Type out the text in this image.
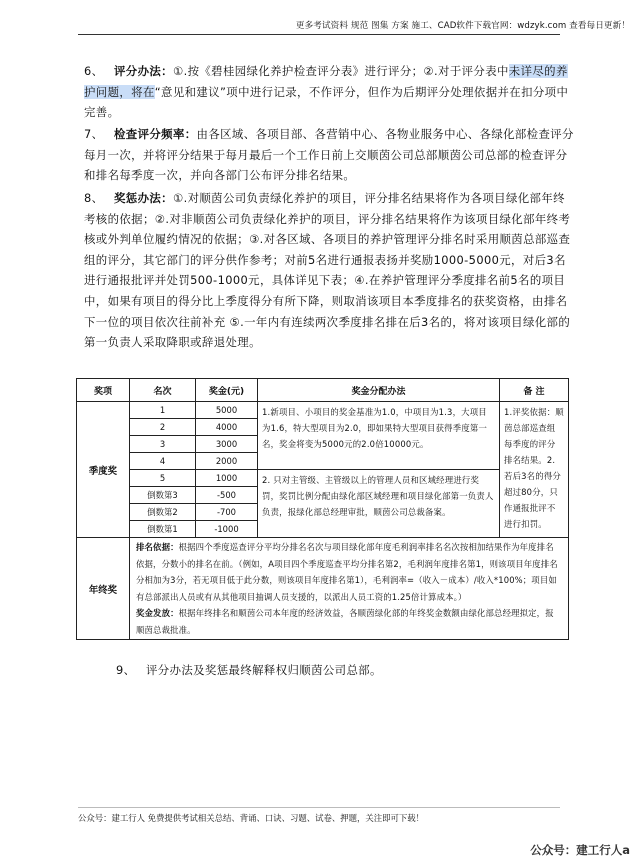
更多考试资料 规范 图集 方案 施工、CAD软件下载官网：wdzyk.com 查看每日更新！

6、 评分办法：①.按《碧桂园绿化养护检查评分表》进行评分；②.对于评分表中未详尽的养护问题，将在“意见和建议”项中进行记录，不作评分，但作为后期评分处理依据并在扣分项中完善。

7、 检查评分频率：由各区域、各项目部、各营销中心、各物业服务中心、各绿化部检查评分每月一次，并将评分结果于每月最后一个工作日前上交顺茵公司总部顺茵公司总部的检查评分和排名每季度一次，并向各部门公布评分排名结果。

8、 奖惩办法：①.对顺茵公司负责绿化养护的项目，评分排名结果将作为各项目绿化部年终考核的依据；②.对非顺茵公司负责绿化养护的项目，评分排名结果将作为该项目绿化部年终考核或外判单位履约情况的依据；③.对各区域、各项目的养护管理评分排名时采用顺茵总部巡查组的评分，其它部门的评分供作参考；对前5名进行通报表扬并奖励1000-5000元，对后3名进行通报批评并处罚500-1000元，具体详见下表；④.在养护管理评分季度排名前5名的项目中，如果有项目的得分比上季度得分有所下降，则取消该项目本季度排名的获奖资格，由排名下一位的项目依次往前补充 ⑤.一年内有连续两次季度排名排在后3名的，将对该项目绿化部的第一负责人采取降职或辞退处理。

奖项	名次	奖金(元)	奖金分配办法	备 注
季度奖	1	5000	1.新项目、小项目的奖金基准为1.0，中项目为1.3，大项目为1.6，特大型项目为2.0，即如果特大型项目获得季度第一名，奖金将变为5000元的2.0倍10000元。	1.评奖依据：顺茵总部巡查组每季度的评分排名结果。2. 若后3名的得分超过80分，只作通报批评不进行扣罚。
	2	4000		
	3	3000		
	4	2000		
	5	1000	2. 只对主管级、主管级以上的管理人员和区域经理进行奖罚，奖罚比例分配由绿化部区域经理和项目绿化部第一负责人负责，报绿化部总经理审批，顺茵公司总裁备案。	
	倒数第3	-500		
	倒数第2	-700		
	倒数第1	-1000		
年终奖	排名依据：根据四个季度巡查评分平均分排名名次与项目绿化部年度毛利润率排名名次按相加结果作为年度排名依据，分数小的排名在前。（例如，A项目四个季度巡查平均分排名第2，毛利润年度排名第1，则该项目年度排名分相加为3分，若无项目低于此分数，则该项目年度排名第1），毛利润率=（收入－成本）/收入*100%；项目如有总部派出人员或有从其他项目抽调人员支援的，以派出人员工资的1.25倍计算成本。）
奖金发放：根据年终排名和顺茵公司本年度的经济效益，各顺茵绿化部的年终奖金数额由绿化部总经理拟定，报顺茵总裁批准。			

9、 评分办法及奖惩最终解释权归顺茵公司总部。

公众号：建工行人 免费提供考试相关总结、背诵、口诀、习题、试卷、押题，关注即可下载！
公众号：建工行人a
